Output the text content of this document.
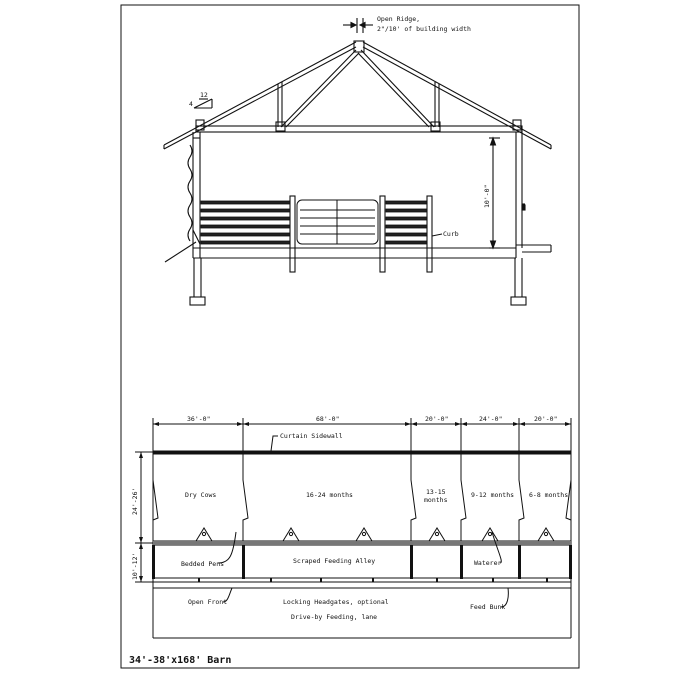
Open Ridge,
2"/10' of building width
4
12
10'-0"
Curb
36'-0"	68'-0"	20'-0"	24'-0"	20'-0"
24'-26'
10'-12'
Curtain Sidewall
Dry Cows	16-24 months	13-15
months
9-12 months 6-8 months
Bedded Pens	Scraped Feeding Alley	Waterer
Open Front	Locking Headgates, optional
Feed Bunk
Drive-by Feeding, lane
34'-38'x168' Barn
